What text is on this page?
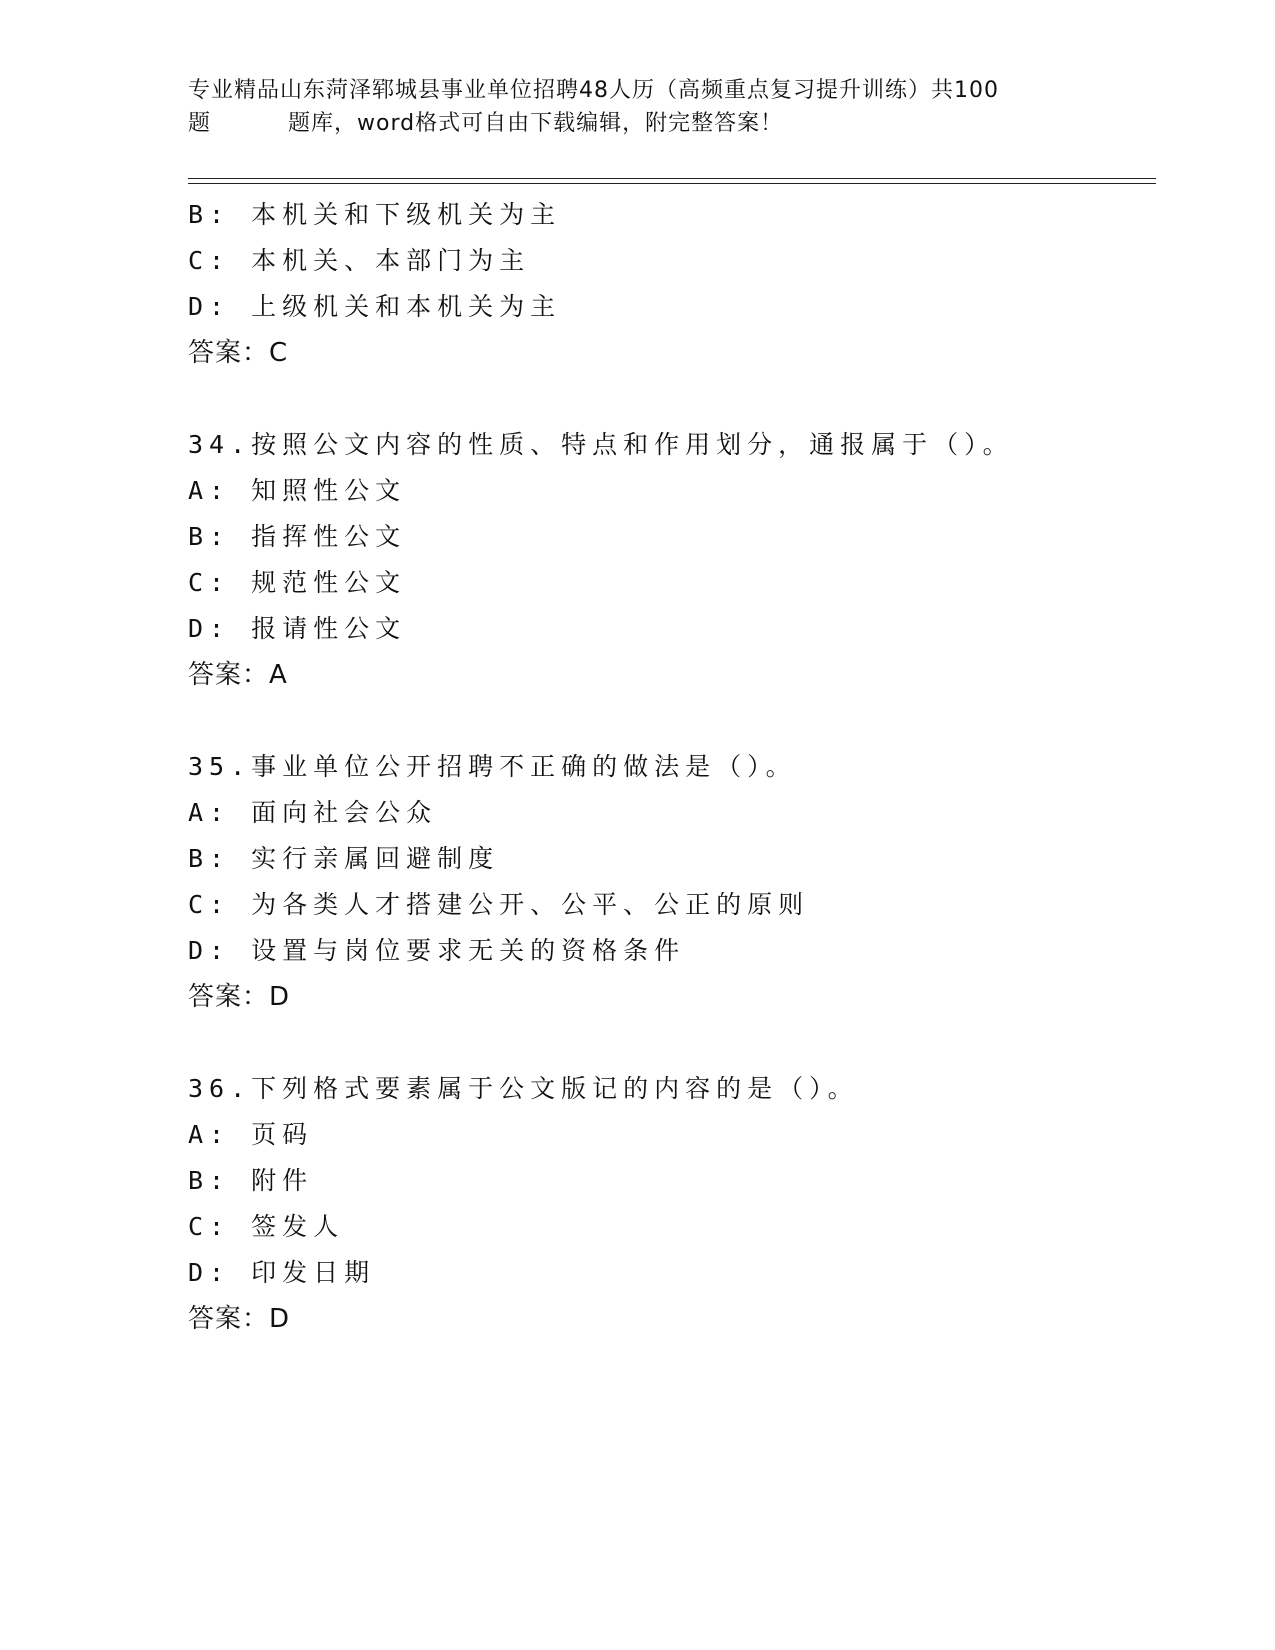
专业精品山东菏泽郓城县事业单位招聘48人历（高频重点复习提升训练）共100
题	题库，word格式可自由下载编辑，附完整答案！
B: 本机关和下级机关为主
C: 本机关、本部门为主
D: 上级机关和本机关为主
答案：C
34.按照公文内容的性质、特点和作用划分，通报属于（）。
A: 知照性公文
B: 指挥性公文
C: 规范性公文
D: 报请性公文
答案：A
35.事业单位公开招聘不正确的做法是（）。
A: 面向社会公众
B: 实行亲属回避制度
C: 为各类人才搭建公开、公平、公正的原则
D: 设置与岗位要求无关的资格条件
答案：D
36.下列格式要素属于公文版记的内容的是（）。
A: 页码
B: 附件
C: 签发人
D: 印发日期
答案：D
